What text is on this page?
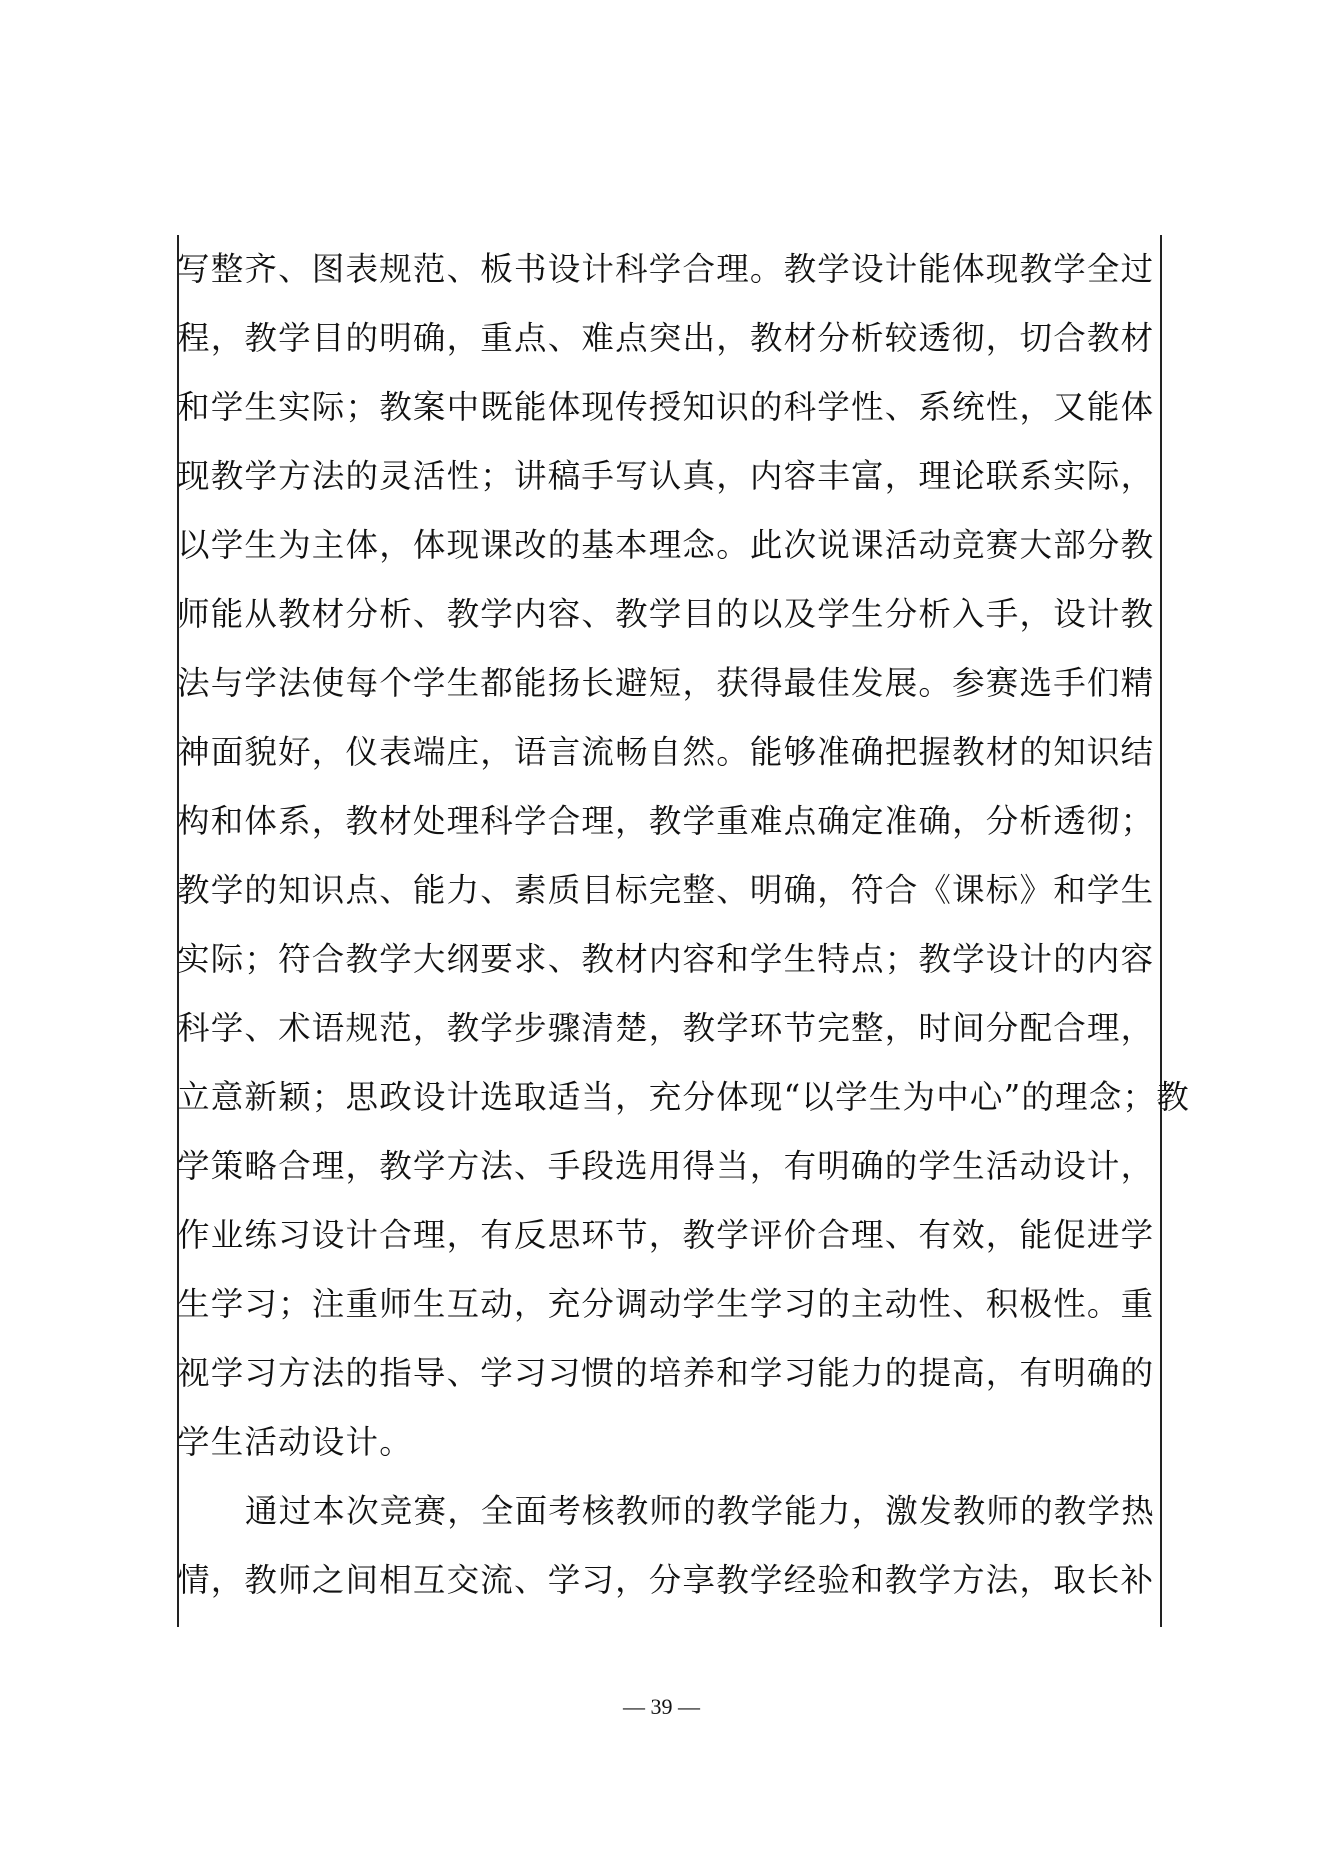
写整齐、图表规范、板书设计科学合理。教学设计能体现教学全过
程，教学目的明确，重点、难点突出，教材分析较透彻，切合教材
和学生实际；教案中既能体现传授知识的科学性、系统性，又能体
现教学方法的灵活性；讲稿手写认真，内容丰富，理论联系实际，
以学生为主体，体现课改的基本理念。此次说课活动竞赛大部分教
师能从教材分析、教学内容、教学目的以及学生分析入手，设计教
法与学法使每个学生都能扬长避短，获得最佳发展。参赛选手们精
神面貌好，仪表端庄，语言流畅自然。能够准确把握教材的知识结
构和体系，教材处理科学合理，教学重难点确定准确，分析透彻；
教学的知识点、能力、素质目标完整、明确，符合《课标》和学生
实际；符合教学大纲要求、教材内容和学生特点；教学设计的内容
科学、术语规范，教学步骤清楚，教学环节完整，时间分配合理，
立意新颖；思政设计选取适当，充分体现“以学生为中心”的理念；教
学策略合理，教学方法、手段选用得当，有明确的学生活动设计，
作业练习设计合理，有反思环节，教学评价合理、有效，能促进学
生学习；注重师生互动，充分调动学生学习的主动性、积极性。重
视学习方法的指导、学习习惯的培养和学习能力的提高，有明确的
学生活动设计。
通过本次竞赛，全面考核教师的教学能力，激发教师的教学热
情，教师之间相互交流、学习，分享教学经验和教学方法，取长补
— 39 —
